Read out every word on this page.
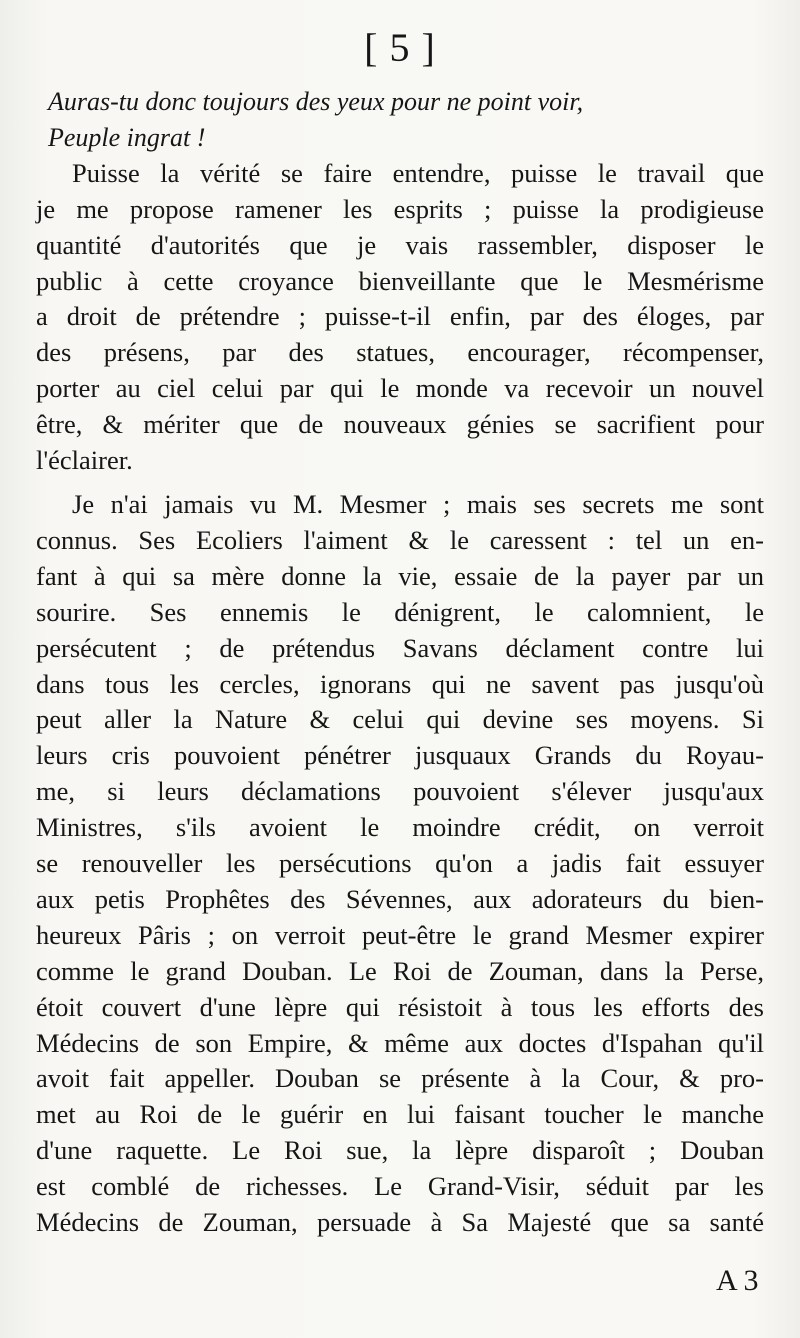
[ 5 ]
Auras-tu donc toujours des yeux pour ne point voir,
Peuple ingrat !
Puisse la vérité se faire entendre, puisse le travail que
je me propose ramener les esprits ; puisse la prodigieuse
quantité d'autorités que je vais rassembler, disposer le
public à cette croyance bienveillante que le Mesmérisme
a droit de prétendre ; puisse-t-il enfin, par des éloges, par
des présens, par des statues, encourager, récompenser,
porter au ciel celui par qui le monde va recevoir un nouvel
être, & mériter que de nouveaux génies se sacrifient pour
l'éclairer.
Je n'ai jamais vu M. Mesmer ; mais ses secrets me sont
connus. Ses Ecoliers l'aiment & le caressent : tel un en-
fant à qui sa mère donne la vie, essaie de la payer par un
sourire. Ses ennemis le dénigrent, le calomnient, le
persécutent ; de prétendus Savans déclament contre lui
dans tous les cercles, ignorans qui ne savent pas jusqu'où
peut aller la Nature & celui qui devine ses moyens. Si
leurs cris pouvoient pénétrer jusquaux Grands du Royau-
me, si leurs déclamations pouvoient s'élever jusqu'aux
Ministres, s'ils avoient le moindre crédit, on verroit
se renouveller les persécutions qu'on a jadis fait essuyer
aux petis Prophêtes des Sévennes, aux adorateurs du bien-
heureux Pâris ; on verroit peut-être le grand Mesmer expirer
comme le grand Douban. Le Roi de Zouman, dans la Perse,
étoit couvert d'une lèpre qui résistoit à tous les efforts des
Médecins de son Empire, & même aux doctes d'Ispahan qu'il
avoit fait appeller. Douban se présente à la Cour, & pro-
met au Roi de le guérir en lui faisant toucher le manche
d'une raquette. Le Roi sue, la lèpre disparoît ; Douban
est comblé de richesses. Le Grand-Visir, séduit par les
Médecins de Zouman, persuade à Sa Majesté que sa santé
A 3
